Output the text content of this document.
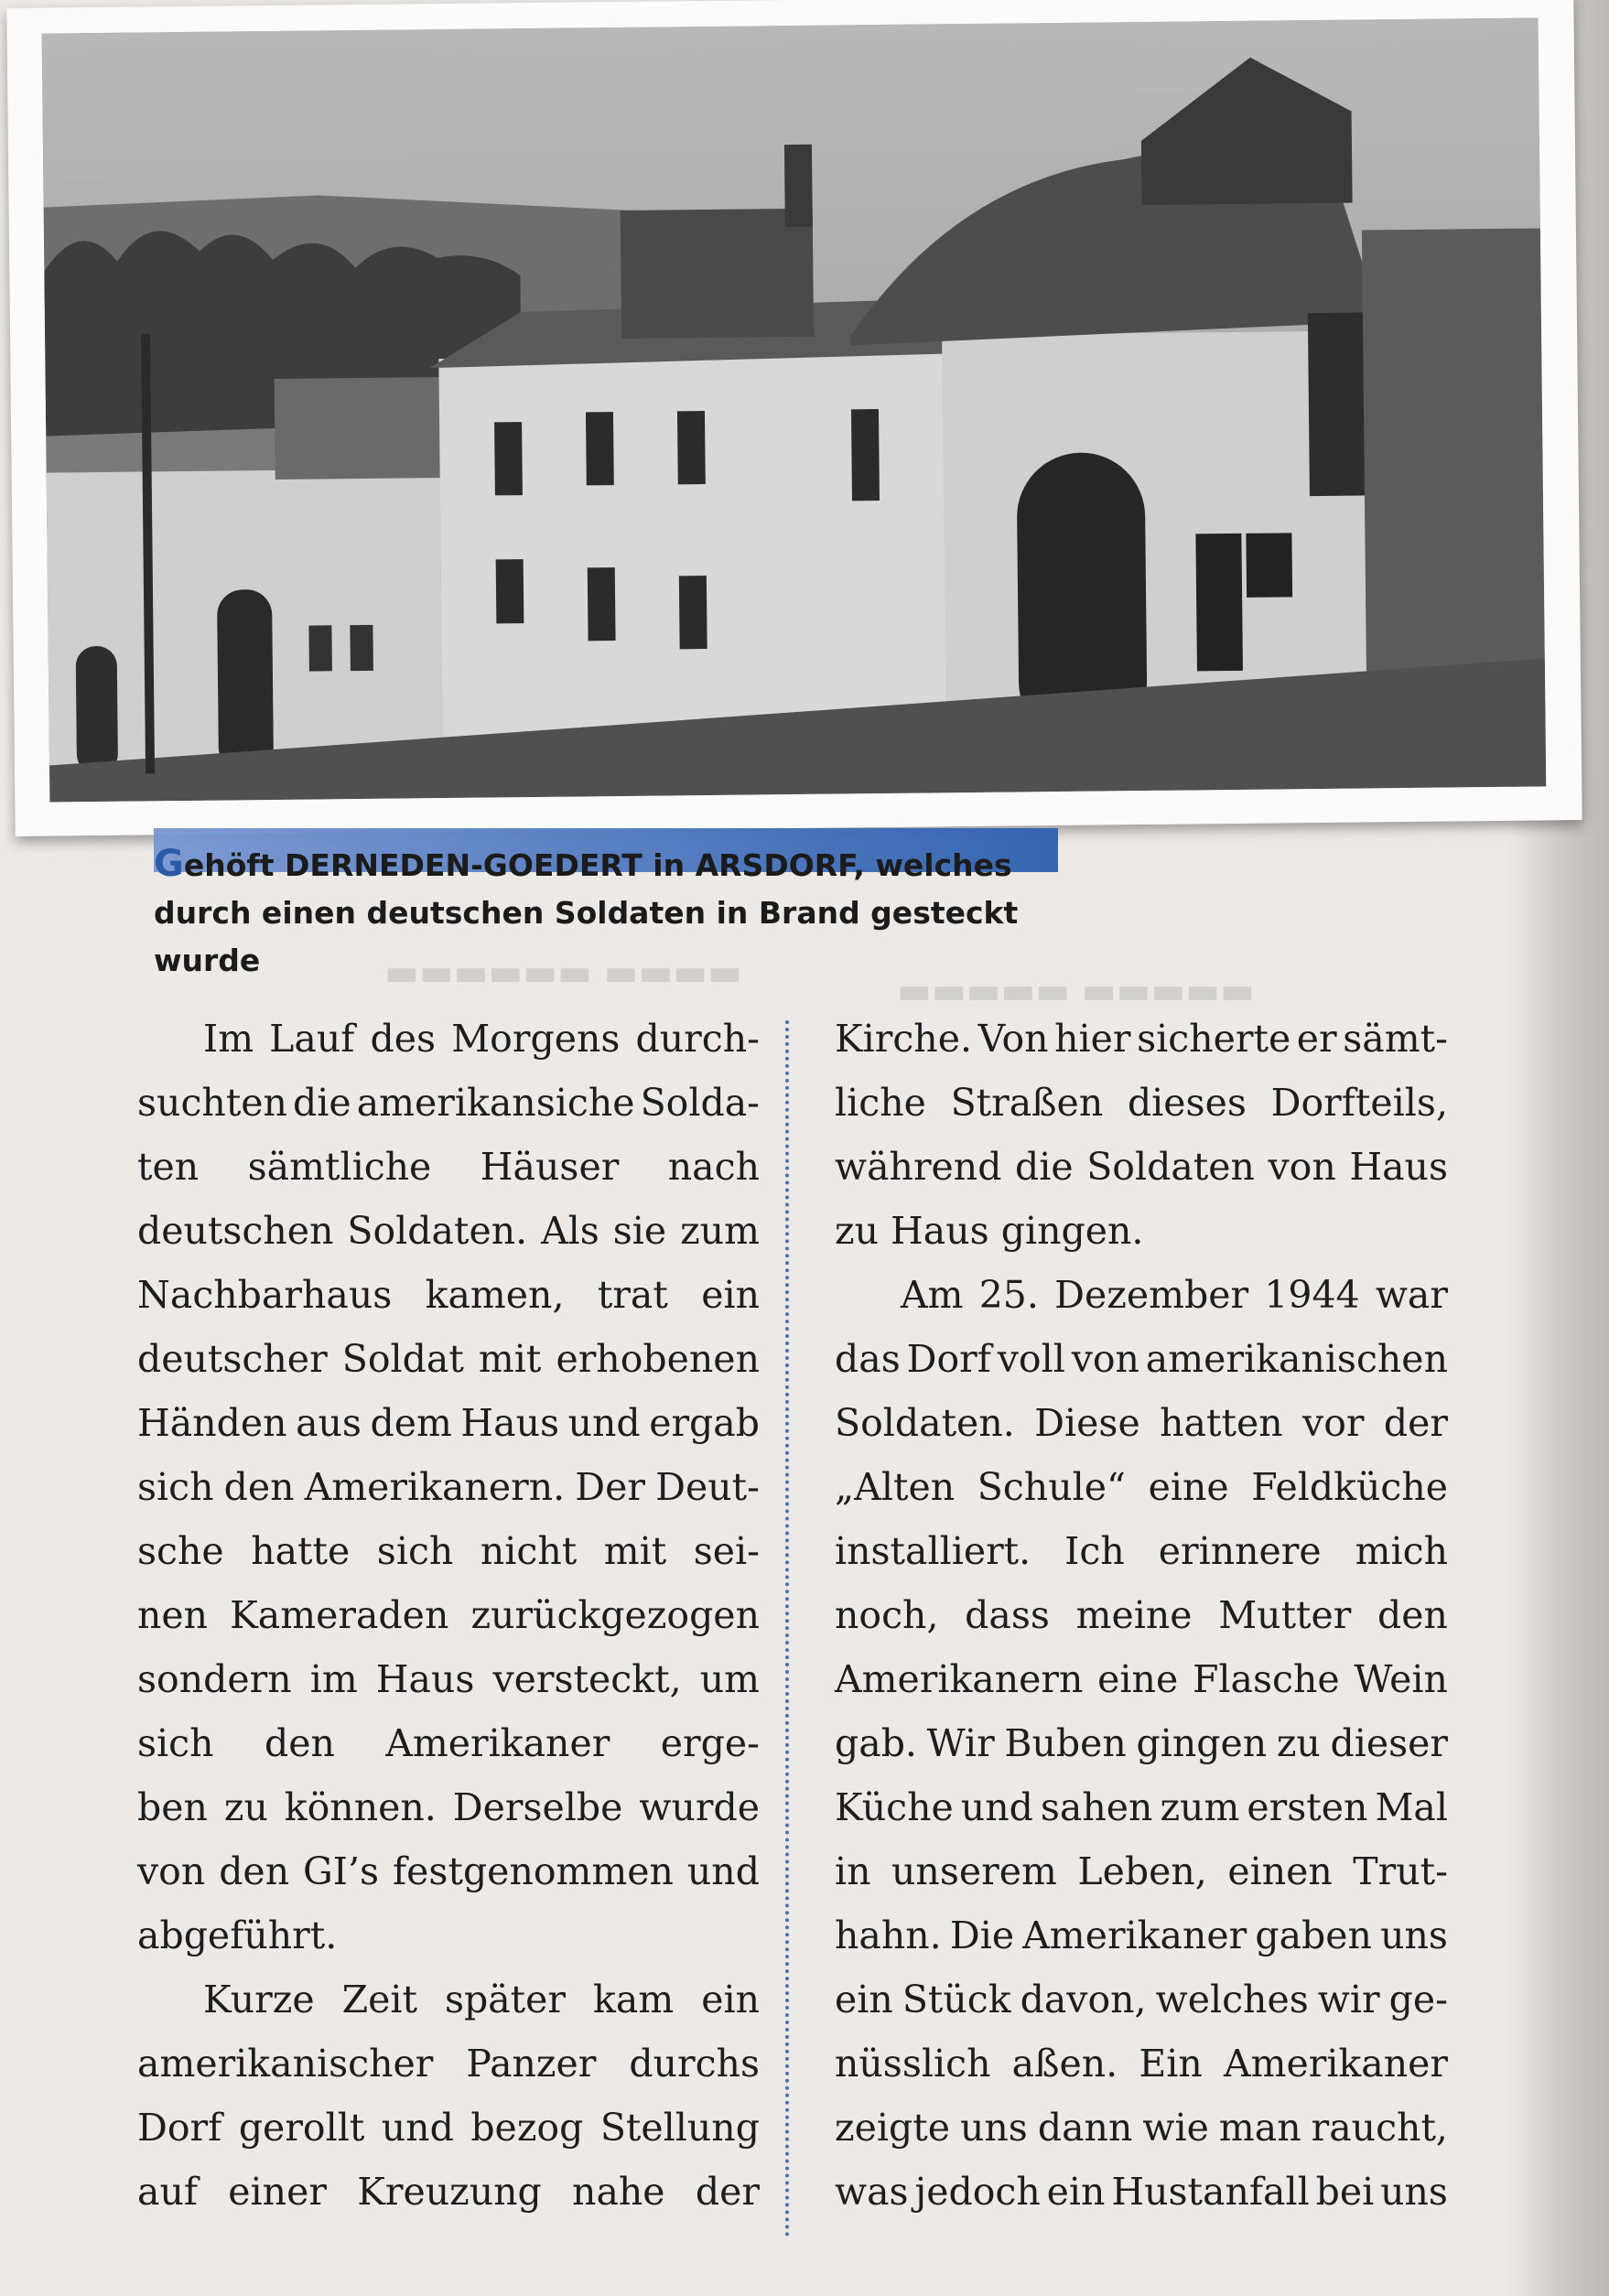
▬▬▬▬ ▬▬▬▬▬▬	▬▬▬▬▬ ▬▬▬▬▬
Gehöft DERNEDEN-GOEDERT in ARSDORF, welches
durch einen deutschen Soldaten in Brand gesteckt wurde
Im Lauf des Morgens durch-
suchten die amerikansiche Solda-
ten sämtliche Häuser nach
deutschen Soldaten. Als sie zum
Nachbarhaus kamen, trat ein
deutscher Soldat mit erhobenen
Händen aus dem Haus und ergab
sich den Amerikanern. Der Deut-
sche hatte sich nicht mit sei-
nen Kameraden zurückgezogen
sondern im Haus versteckt, um
sich den Amerikaner erge-
ben zu können. Derselbe wurde
von den GI’s festgenommen und
abgeführt.
Kurze Zeit später kam ein
amerikanischer Panzer durchs
Dorf gerollt und bezog Stellung
auf einer Kreuzung nahe der
Kirche. Von hier sicherte er sämt-
liche Straßen dieses Dorfteils,
während die Soldaten von Haus
zu Haus gingen.
Am 25. Dezember 1944 war
das Dorf voll von amerikanischen
Soldaten. Diese hatten vor der
„Alten Schule“ eine Feldküche
installiert. Ich erinnere mich
noch, dass meine Mutter den
Amerikanern eine Flasche Wein
gab. Wir Buben gingen zu dieser
Küche und sahen zum ersten Mal
in unserem Leben, einen Trut-
hahn. Die Amerikaner gaben uns
ein Stück davon, welches wir ge-
nüsslich aßen. Ein Amerikaner
zeigte uns dann wie man raucht,
was jedoch ein Hustanfall bei uns
